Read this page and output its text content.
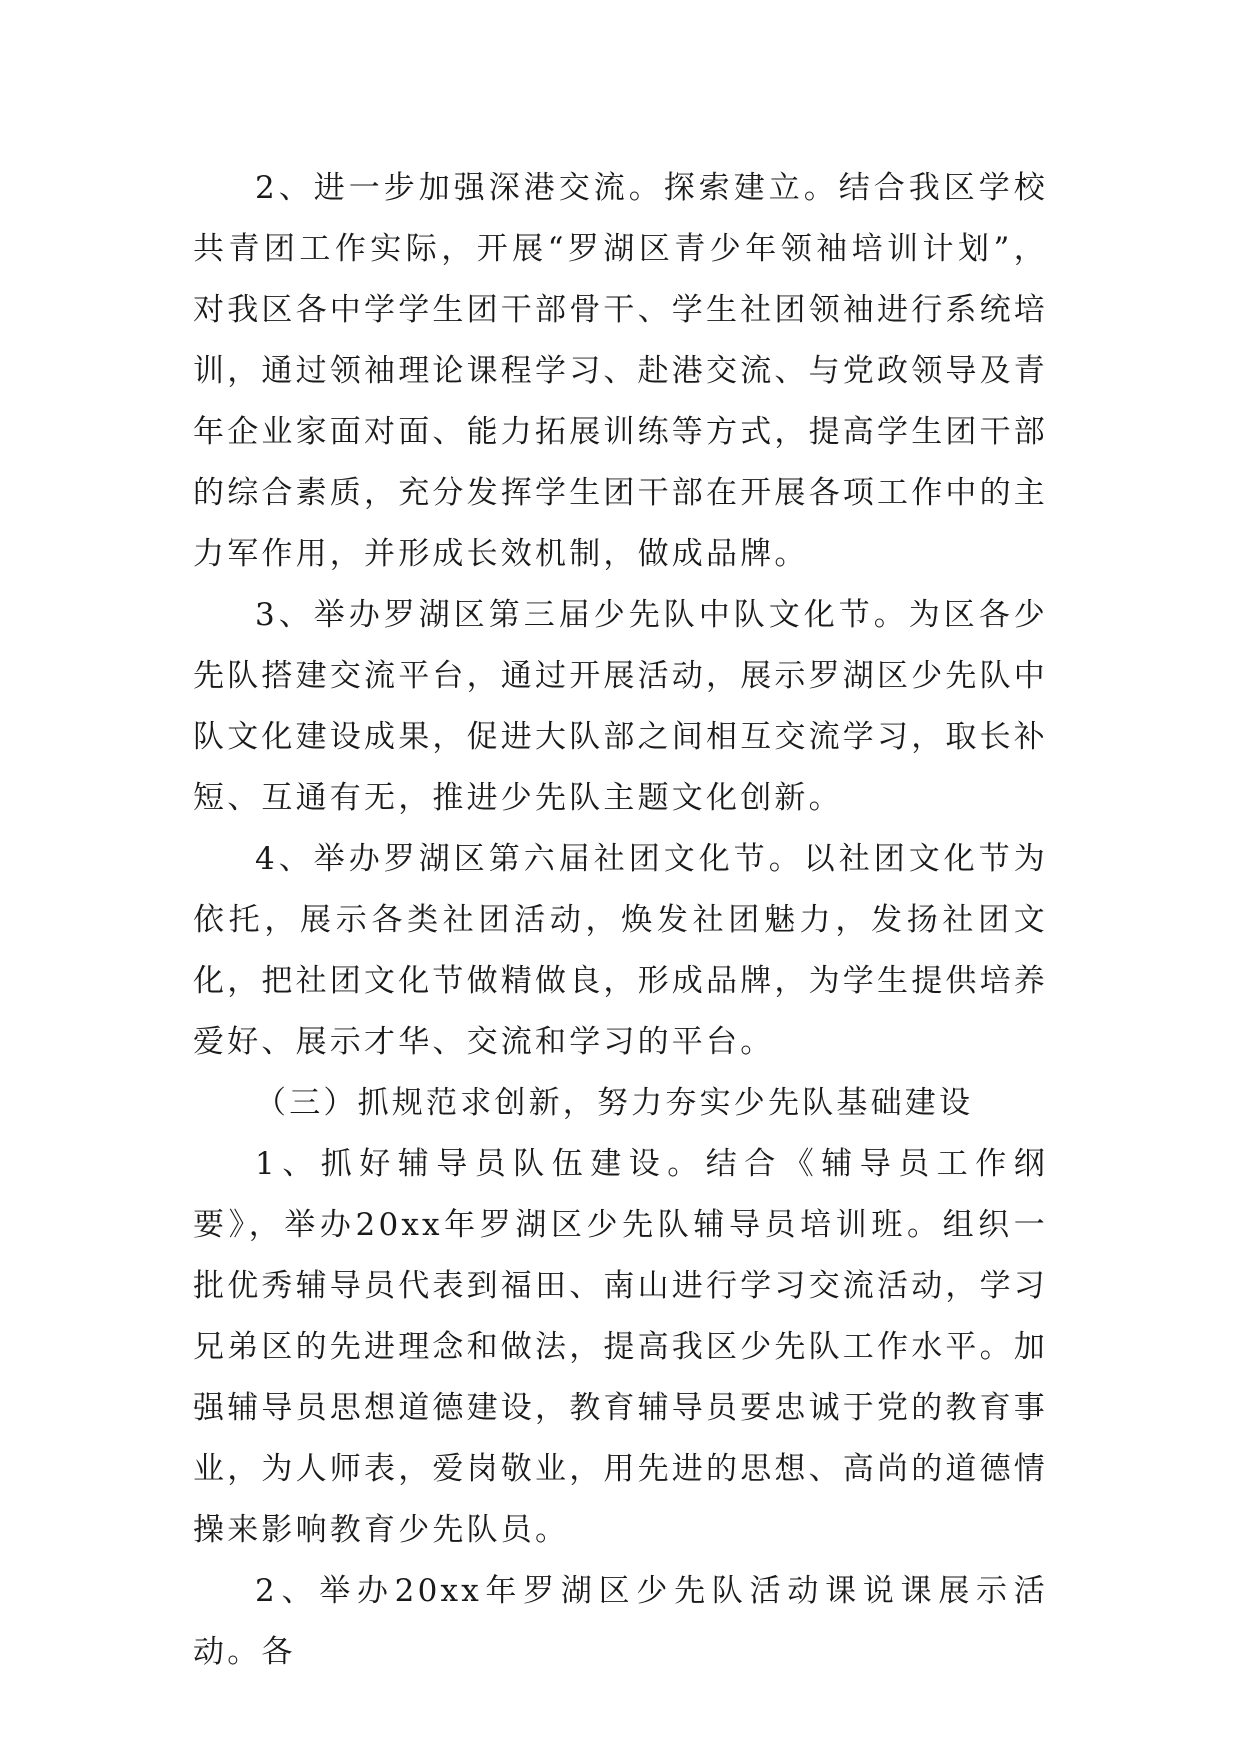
2、进一步加强深港交流。探索建立。结合我区学校共青团工作实际，开展“罗湖区青少年领袖培训计划”，对我区各中学学生团干部骨干、学生社团领袖进行系统培训，通过领袖理论课程学习、赴港交流、与党政领导及青年企业家面对面、能力拓展训练等方式，提高学生团干部的综合素质，充分发挥学生团干部在开展各项工作中的主力军作用，并形成长效机制，做成品牌。

3、举办罗湖区第三届少先队中队文化节。为区各少先队搭建交流平台，通过开展活动，展示罗湖区少先队中队文化建设成果，促进大队部之间相互交流学习，取长补短、互通有无，推进少先队主题文化创新。

4、举办罗湖区第六届社团文化节。以社团文化节为依托，展示各类社团活动，焕发社团魅力，发扬社团文化，把社团文化节做精做良，形成品牌，为学生提供培养爱好、展示才华、交流和学习的平台。

（三）抓规范求创新，努力夯实少先队基础建设

1、抓好辅导员队伍建设。结合《辅导员工作纲要》，举办20xx年罗湖区少先队辅导员培训班。组织一批优秀辅导员代表到福田、南山进行学习交流活动，学习兄弟区的先进理念和做法，提高我区少先队工作水平。加强辅导员思想道德建设，教育辅导员要忠诚于党的教育事业，为人师表，爱岗敬业，用先进的思想、高尚的道德情操来影响教育少先队员。

2、举办20xx年罗湖区少先队活动课说课展示活动。各
